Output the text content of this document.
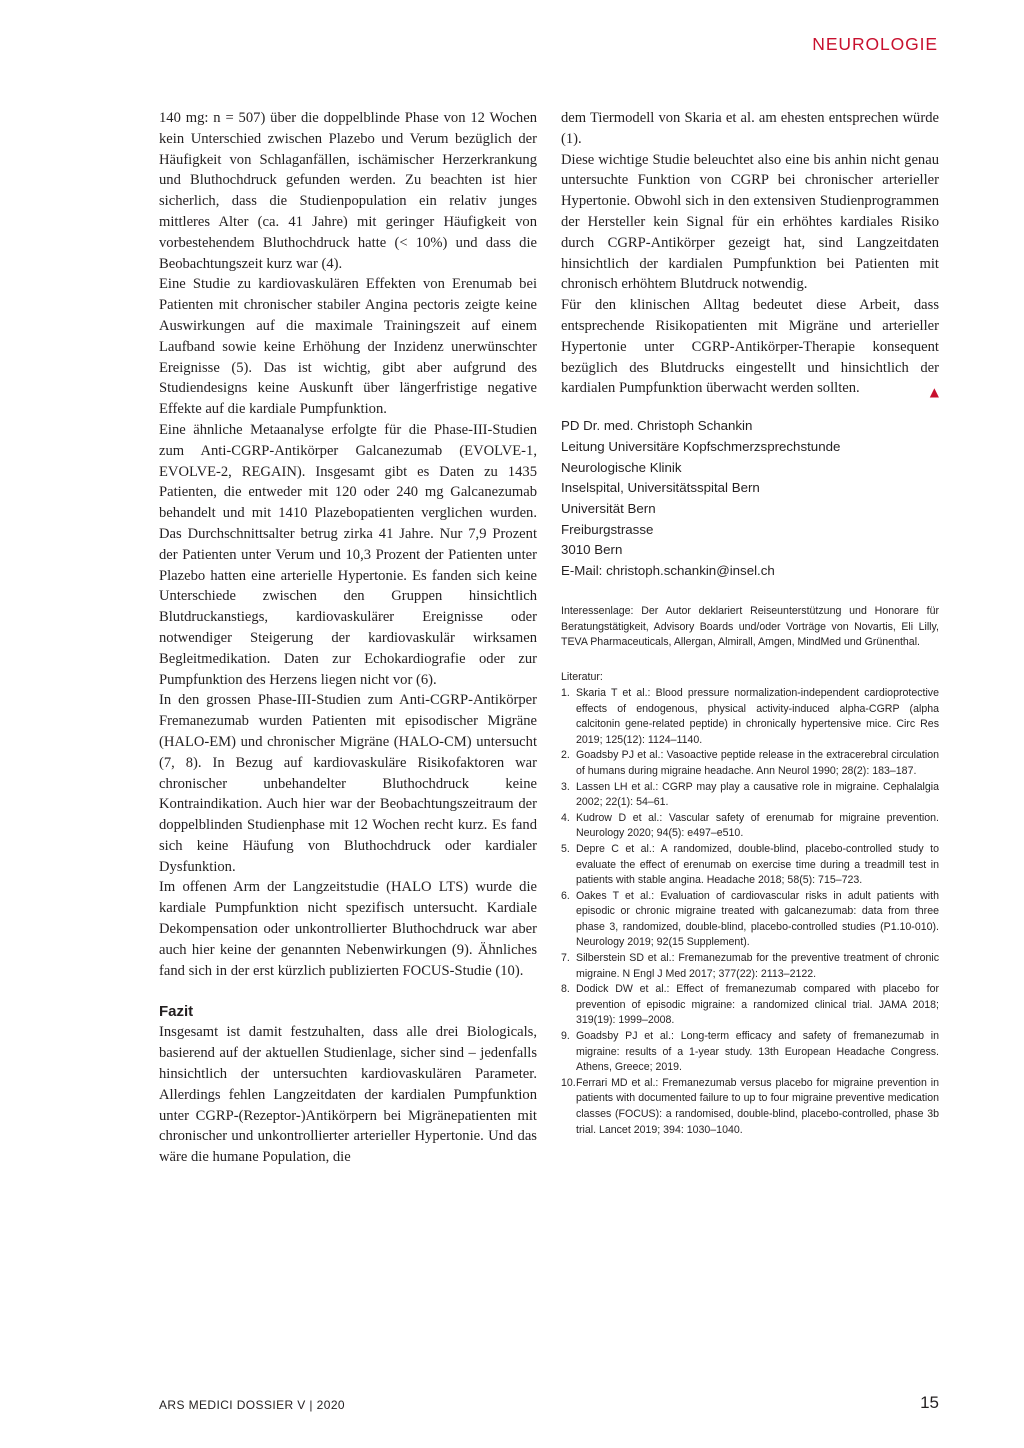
NEUROLOGIE

140 mg: n = 507) über die doppelblinde Phase von 12 Wochen kein Unterschied zwischen Plazebo und Verum bezüglich der Häufigkeit von Schlaganfällen, ischämischer Herzerkrankung und Bluthochdruck gefunden werden. Zu beachten ist hier sicherlich, dass die Studienpopulation ein relativ junges mittleres Alter (ca. 41 Jahre) mit geringer Häufigkeit von vorbestehendem Bluthochdruck hatte (< 10%) und dass die Beobachtungszeit kurz war (4).

Eine Studie zu kardiovaskulären Effekten von Erenumab bei Patienten mit chronischer stabiler Angina pectoris zeigte keine Auswirkungen auf die maximale Trainingszeit auf einem Laufband sowie keine Erhöhung der Inzidenz unerwünschter Ereignisse (5). Das ist wichtig, gibt aber aufgrund des Studiendesigns keine Auskunft über längerfristige negative Effekte auf die kardiale Pumpfunktion.

Eine ähnliche Metaanalyse erfolgte für die Phase-III-Studien zum Anti-CGRP-Antikörper Galcanezumab (EVOLVE-1, EVOLVE-2, REGAIN). Insgesamt gibt es Daten zu 1435 Patienten, die entweder mit 120 oder 240 mg Galcanezumab behandelt und mit 1410 Plazebopatienten verglichen wurden. Das Durchschnittsalter betrug zirka 41 Jahre. Nur 7,9 Prozent der Patienten unter Verum und 10,3 Prozent der Patienten unter Plazebo hatten eine arterielle Hypertonie. Es fanden sich keine Unterschiede zwischen den Gruppen hinsichtlich Blutdruckanstiegs, kardiovaskulärer Ereignisse oder notwendiger Steigerung der kardiovaskulär wirksamen Begleitmedikation. Daten zur Echokardiografie oder zur Pumpfunktion des Herzens liegen nicht vor (6).

In den grossen Phase-III-Studien zum Anti-CGRP-Antikörper Fremanezumab wurden Patienten mit episodischer Migräne (HALO-EM) und chronischer Migräne (HALO-CM) untersucht (7, 8). In Bezug auf kardiovaskuläre Risikofaktoren war chronischer unbehandelter Bluthochdruck keine Kontraindikation. Auch hier war der Beobachtungszeitraum der doppelblinden Studienphase mit 12 Wochen recht kurz. Es fand sich keine Häufung von Bluthochdruck oder kardialer Dysfunktion.

Im offenen Arm der Langzeitstudie (HALO LTS) wurde die kardiale Pumpfunktion nicht spezifisch untersucht. Kardiale Dekompensation oder unkontrollierter Bluthochdruck war aber auch hier keine der genannten Nebenwirkungen (9). Ähnliches fand sich in der erst kürzlich publizierten FOCUS-Studie (10).

Fazit

Insgesamt ist damit festzuhalten, dass alle drei Biologicals, basierend auf der aktuellen Studienlage, sicher sind – jedenfalls hinsichtlich der untersuchten kardiovaskulären Parameter. Allerdings fehlen Langzeitdaten der kardialen Pumpfunktion unter CGRP-(Rezeptor-)Antikörpern bei Migränepatienten mit chronischer und unkontrollierter arterieller Hypertonie. Und das wäre die humane Population, die

dem Tiermodell von Skaria et al. am ehesten entsprechen würde (1).

Diese wichtige Studie beleuchtet also eine bis anhin nicht genau untersuchte Funktion von CGRP bei chronischer arterieller Hypertonie. Obwohl sich in den extensiven Studienprogrammen der Hersteller kein Signal für ein erhöhtes kardiales Risiko durch CGRP-Antikörper gezeigt hat, sind Langzeitdaten hinsichtlich der kardialen Pumpfunktion bei Patienten mit chronisch erhöhtem Blutdruck notwendig.

Für den klinischen Alltag bedeutet diese Arbeit, dass entsprechende Risikopatienten mit Migräne und arterieller Hypertonie unter CGRP-Antikörper-Therapie konsequent bezüglich des Blutdrucks eingestellt und hinsichtlich der kardialen Pumpfunktion überwacht werden sollten.	▲

PD Dr. med. Christoph Schankin
Leitung Universitäre Kopfschmerzsprechstunde
Neurologische Klinik
Inselspital, Universitätsspital Bern
Universität Bern
Freiburgstrasse
3010 Bern
E-Mail: christoph.schankin@insel.ch
Interessenlage: Der Autor deklariert Reiseunterstützung und Honorare für Beratungstätigkeit, Advisory Boards und/oder Vorträge von Novartis, Eli Lilly, TEVA Pharmaceuticals, Allergan, Almirall, Amgen, MindMed und Grünenthal.
Literatur:
1. Skaria T et al.: Blood pressure normalization-independent cardioprotective effects of endogenous, physical activity-induced alpha-CGRP (alpha calcitonin gene-related peptide) in chronically hypertensive mice. Circ Res 2019; 125(12): 1124–1140.
2. Goadsby PJ et al.: Vasoactive peptide release in the extracerebral circulation of humans during migraine headache. Ann Neurol 1990; 28(2): 183–187.
3. Lassen LH et al.: CGRP may play a causative role in migraine. Cephalalgia 2002; 22(1): 54–61.
4. Kudrow D et al.: Vascular safety of erenumab for migraine prevention. Neurology 2020; 94(5): e497–e510.
5. Depre C et al.: A randomized, double-blind, placebo-controlled study to evaluate the effect of erenumab on exercise time during a treadmill test in patients with stable angina. Headache 2018; 58(5): 715–723.
6. Oakes T et al.: Evaluation of cardiovascular risks in adult patients with episodic or chronic migraine treated with galcanezumab: data from three phase 3, randomized, double-blind, placebo-controlled studies (P1.10-010). Neurology 2019; 92(15 Supplement).
7. Silberstein SD et al.: Fremanezumab for the preventive treatment of chronic migraine. N Engl J Med 2017; 377(22): 2113–2122.
8. Dodick DW et al.: Effect of fremanezumab compared with placebo for prevention of episodic migraine: a randomized clinical trial. JAMA 2018; 319(19): 1999–2008.
9. Goadsby PJ et al.: Long-term efficacy and safety of fremanezumab in migraine: results of a 1-year study. 13th European Headache Congress. Athens, Greece; 2019.
10. Ferrari MD et al.: Fremanezumab versus placebo for migraine prevention in patients with documented failure to up to four migraine preventive medication classes (FOCUS): a randomised, double-blind, placebo-controlled, phase 3b trial. Lancet 2019; 394: 1030–1040.
ARS MEDICI DOSSIER V | 2020	15
